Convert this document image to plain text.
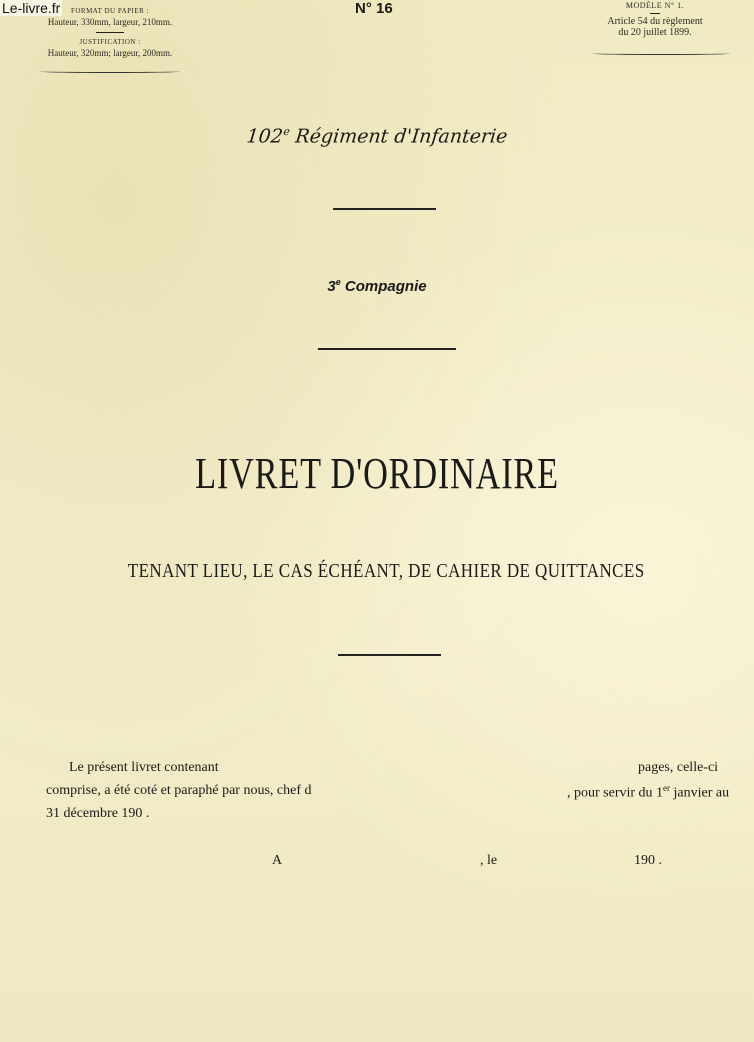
Le-livre.fr	FORMAT DU PAPIER :
Hauteur, 330mm, largeur, 210mm.
JUSTIFICATION :
Hauteur, 320mm; largeur, 200mm.
N° 16	MODÈLE N° 1.
Article 54 du règlement
du 20 juillet 1899.
102e Régiment d'Infanterie
3e Compagnie
LIVRET D'ORDINAIRE
TENANT LIEU, LE CAS ÉCHÉANT, DE CAHIER DE QUITTANCES
Le présent livret contenant	pages, celle-ci
comprise, a été coté et paraphé par nous, chef d	, pour servir du 1er janvier au
31 décembre 190 .
A	, le	190 .
